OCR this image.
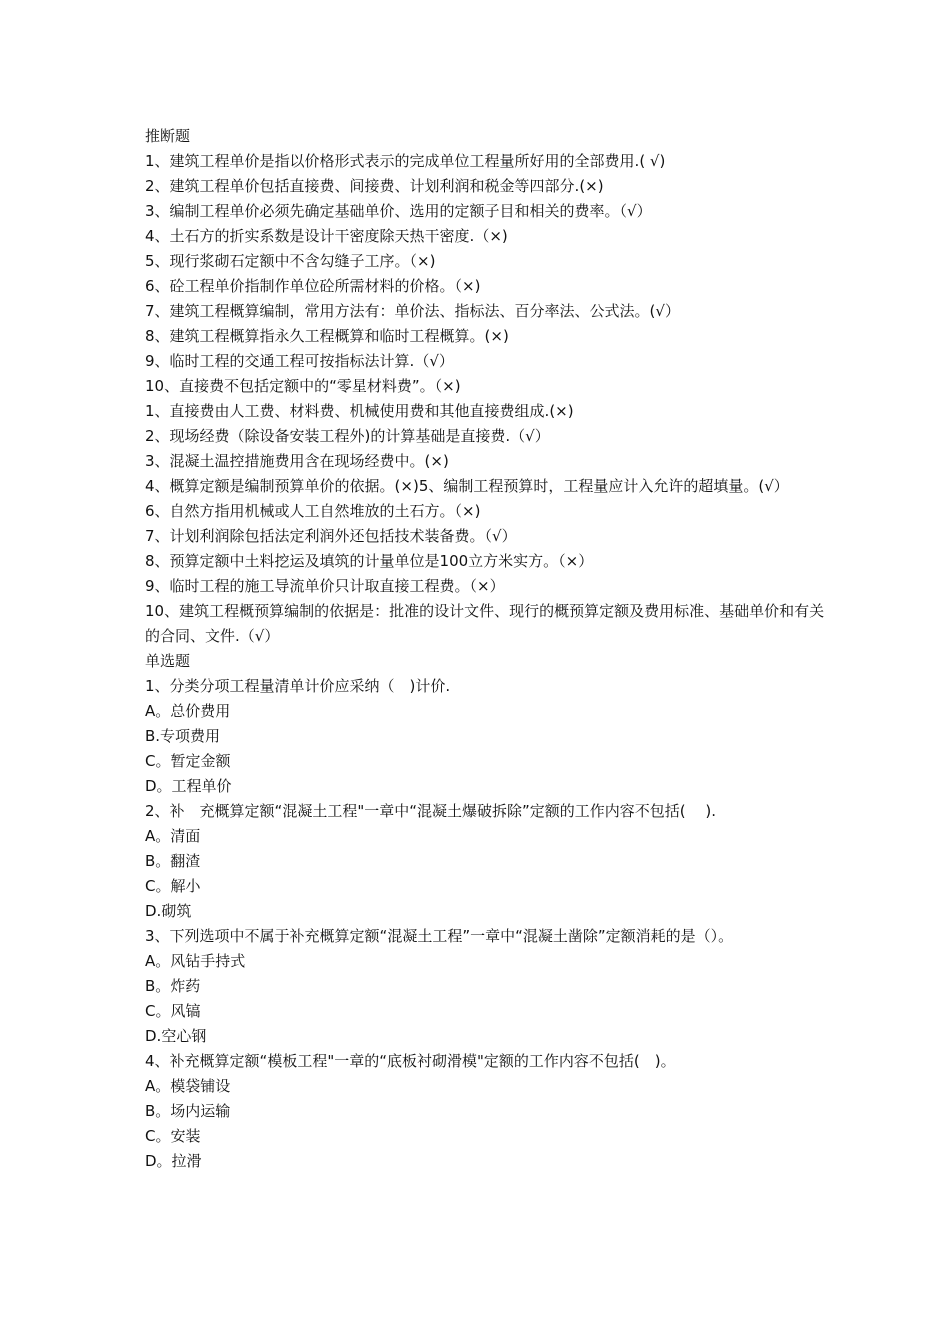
推断题
1、建筑工程单价是指以价格形式表示的完成单位工程量所好用的全部费用.( √)
2、建筑工程单价包括直接费、间接费、计划利润和税金等四部分.(×)
3、编制工程单价必须先确定基础单价、选用的定额子目和相关的费率。（√）
4、土石方的折实系数是设计干密度除天热干密度.（×)
5、现行浆砌石定额中不含勾缝子工序。（×)
6、砼工程单价指制作单位砼所需材料的价格。（×)
7、建筑工程概算编制，常用方法有：单价法、指标法、百分率法、公式法。(√）
8、建筑工程概算指永久工程概算和临时工程概算。(×)
9、临时工程的交通工程可按指标法计算.（√）
10、直接费不包括定额中的“零星材料费”。（×)
1、直接费由人工费、材料费、机械使用费和其他直接费组成.(×)
2、现场经费（除设备安装工程外)的计算基础是直接费.（√）
3、混凝土温控措施费用含在现场经费中。(×)
4、概算定额是编制预算单价的依据。(×)5、编制工程预算时，工程量应计入允许的超填量。(√）
6、自然方指用机械或人工自然堆放的土石方。（×)
7、计划利润除包括法定利润外还包括技术装备费。（√）
8、预算定额中土料挖运及填筑的计量单位是100立方米实方。（×）
9、临时工程的施工导流单价只计取直接工程费。（×）
10、建筑工程概预算编制的依据是：批准的设计文件、现行的概预算定额及费用标准、基础单价和有关的合同、文件.（√）
单选题
1、分类分项工程量清单计价应采纳（　)计价.
A。总价费用
B.专项费用
C。暂定金额
D。工程单价
2、补　充概算定额“混凝土工程"一章中“混凝土爆破拆除”定额的工作内容不包括(　 ).
A。清面
B。翻渣
C。解小
D.砌筑
3、下列选项中不属于补充概算定额“混凝土工程”一章中“混凝土凿除”定额消耗的是（）。
A。风钻手持式
B。炸药
C。风镐
D.空心钢
4、补充概算定额“模板工程"一章的“底板衬砌滑模"定额的工作内容不包括(　)。
A。模袋铺设
B。场内运输
C。安装
D。拉滑
